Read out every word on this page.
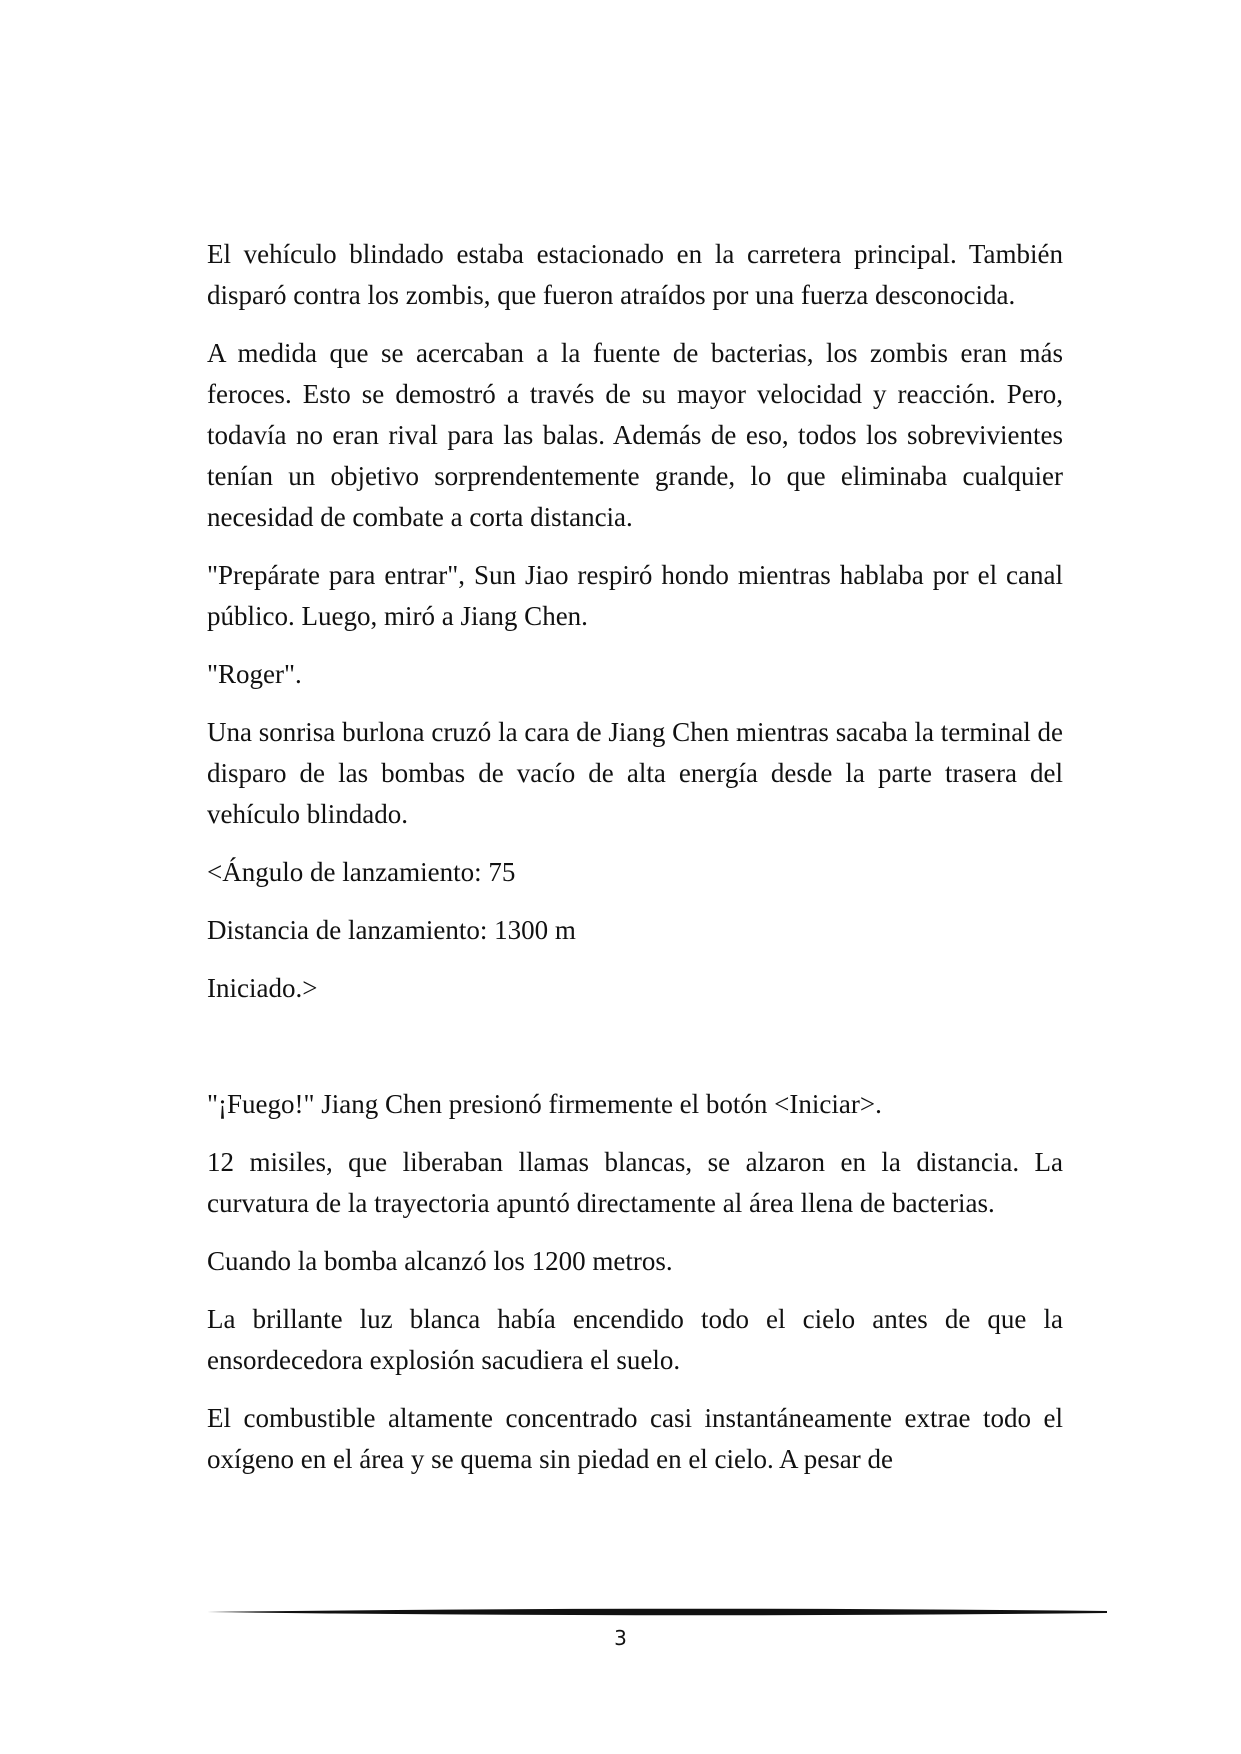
El vehículo blindado estaba estacionado en la carretera principal. También disparó contra los zombis, que fueron atraídos por una fuerza desconocida.

A medida que se acercaban a la fuente de bacterias, los zombis eran más feroces. Esto se demostró a través de su mayor velocidad y reacción. Pero, todavía no eran rival para las balas. Además de eso, todos los sobrevivientes tenían un objetivo sorprendentemente grande, lo que eliminaba cualquier necesidad de combate a corta distancia.

"Prepárate para entrar", Sun Jiao respiró hondo mientras hablaba por el canal público. Luego, miró a Jiang Chen.

"Roger".

Una sonrisa burlona cruzó la cara de Jiang Chen mientras sacaba la terminal de disparo de las bombas de vacío de alta energía desde la parte trasera del vehículo blindado.

<Ángulo de lanzamiento: 75

Distancia de lanzamiento: 1300 m

Iniciado.>

"¡Fuego!" Jiang Chen presionó firmemente el botón <Iniciar>.

12 misiles, que liberaban llamas blancas, se alzaron en la distancia. La curvatura de la trayectoria apuntó directamente al área llena de bacterias.

Cuando la bomba alcanzó los 1200 metros.

La brillante luz blanca había encendido todo el cielo antes de que la ensordecedora explosión sacudiera el suelo.

El combustible altamente concentrado casi instantáneamente extrae todo el oxígeno en el área y se quema sin piedad en el cielo. A pesar de

3
